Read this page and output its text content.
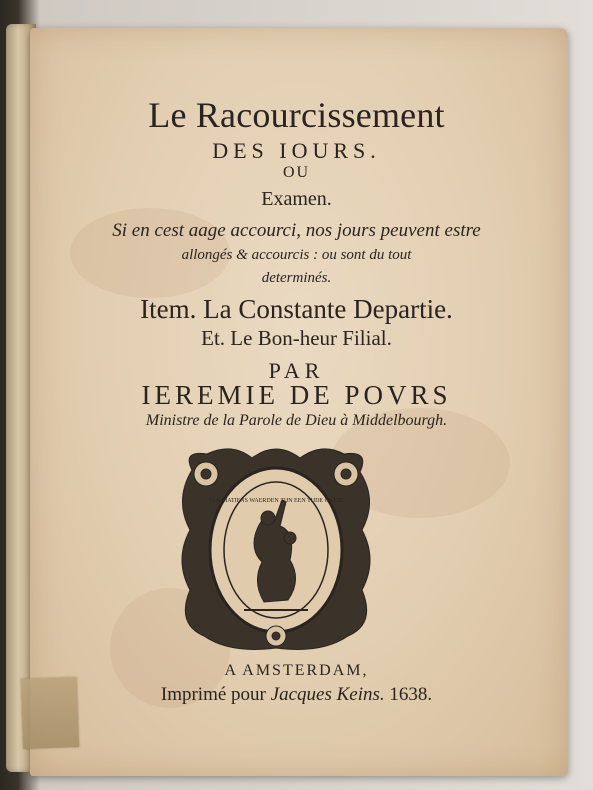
Le Racourcissement
DES IOURS.
OU
Examen.
Si en cest aage accourci, nos jours peuvent estre
allongés & accourcis : ou sont du tout
determinés.
Item. La Constante Departie.
Et. Le Bon-heur Filial.
PAR
IEREMIE DE POVRS
Ministre de la Parole de Dieu à Middelbourgh.
VAN MATIENS WAERDEN ZIJN EEN TIJDE OF DIE
A AMSTERDAM,
Imprimé pour Jacques Keins. 1638.
